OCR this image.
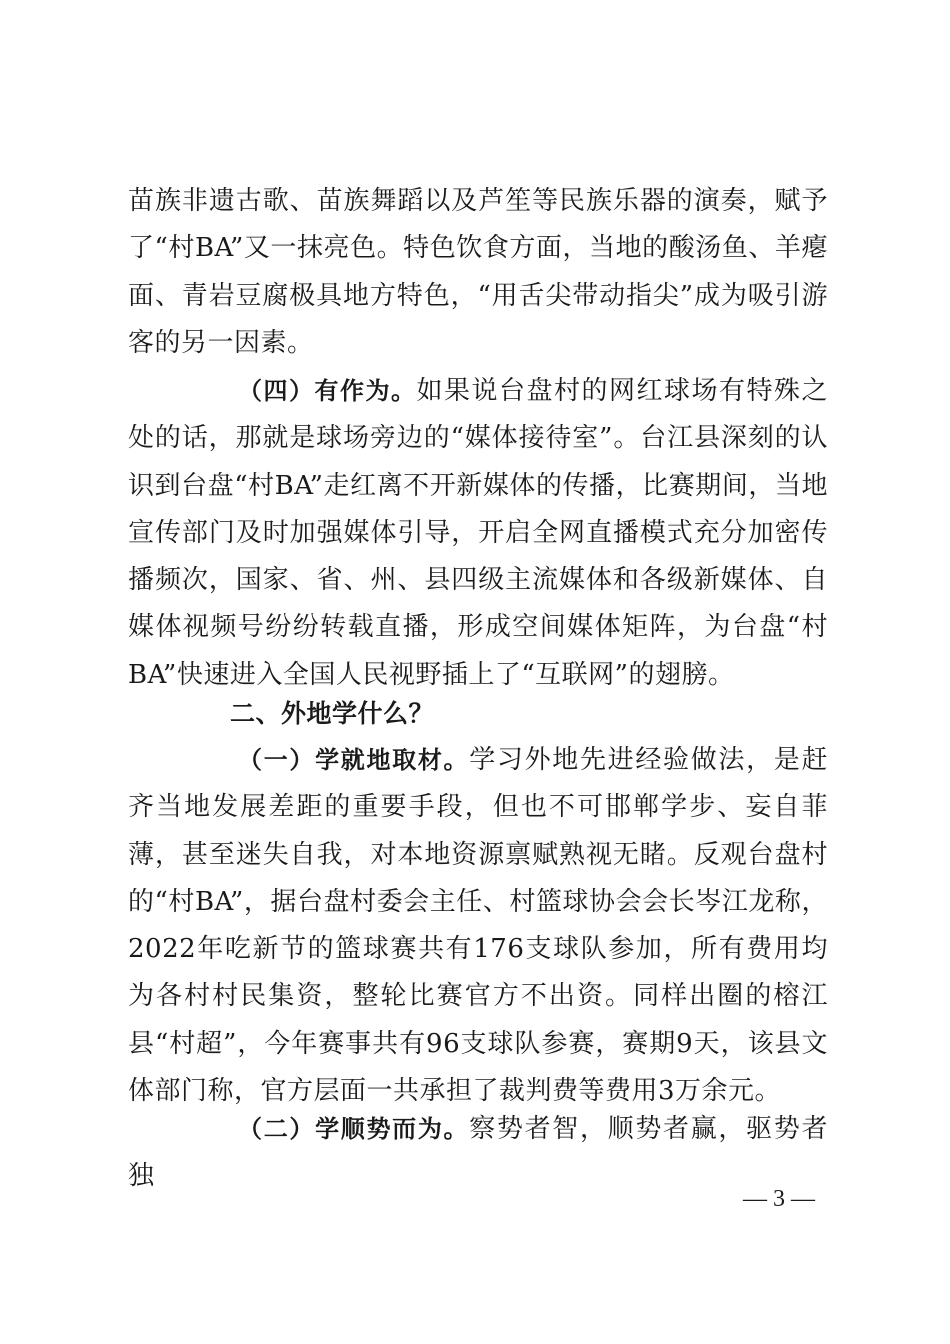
苗族非遗古歌、苗族舞蹈以及芦笙等民族乐器的演奏，赋予了“村BA”又一抹亮色。特色饮食方面，当地的酸汤鱼、羊瘪面、青岩豆腐极具地方特色，“用舌尖带动指尖”成为吸引游客的另一因素。

（四）有作为。如果说台盘村的网红球场有特殊之处的话，那就是球场旁边的“媒体接待室”。台江县深刻的认识到台盘“村BA”走红离不开新媒体的传播，比赛期间，当地宣传部门及时加强媒体引导，开启全网直播模式充分加密传播频次，国家、省、州、县四级主流媒体和各级新媒体、自媒体视频号纷纷转载直播，形成空间媒体矩阵，为台盘“村BA”快速进入全国人民视野插上了“互联网”的翅膀。

二、外地学什么？

（一）学就地取材。学习外地先进经验做法，是赶齐当地发展差距的重要手段，但也不可邯郸学步、妄自菲薄，甚至迷失自我，对本地资源禀赋熟视无睹。反观台盘村的“村BA”，据台盘村委会主任、村篮球协会会长岑江龙称，2022年吃新节的篮球赛共有176支球队参加，所有费用均为各村村民集资，整轮比赛官方不出资。同样出圈的榕江县“村超”，今年赛事共有96支球队参赛，赛期9天，该县文体部门称，官方层面一共承担了裁判费等费用3万余元。

（二）学顺势而为。察势者智，顺势者赢，驱势者独

— 3 —
